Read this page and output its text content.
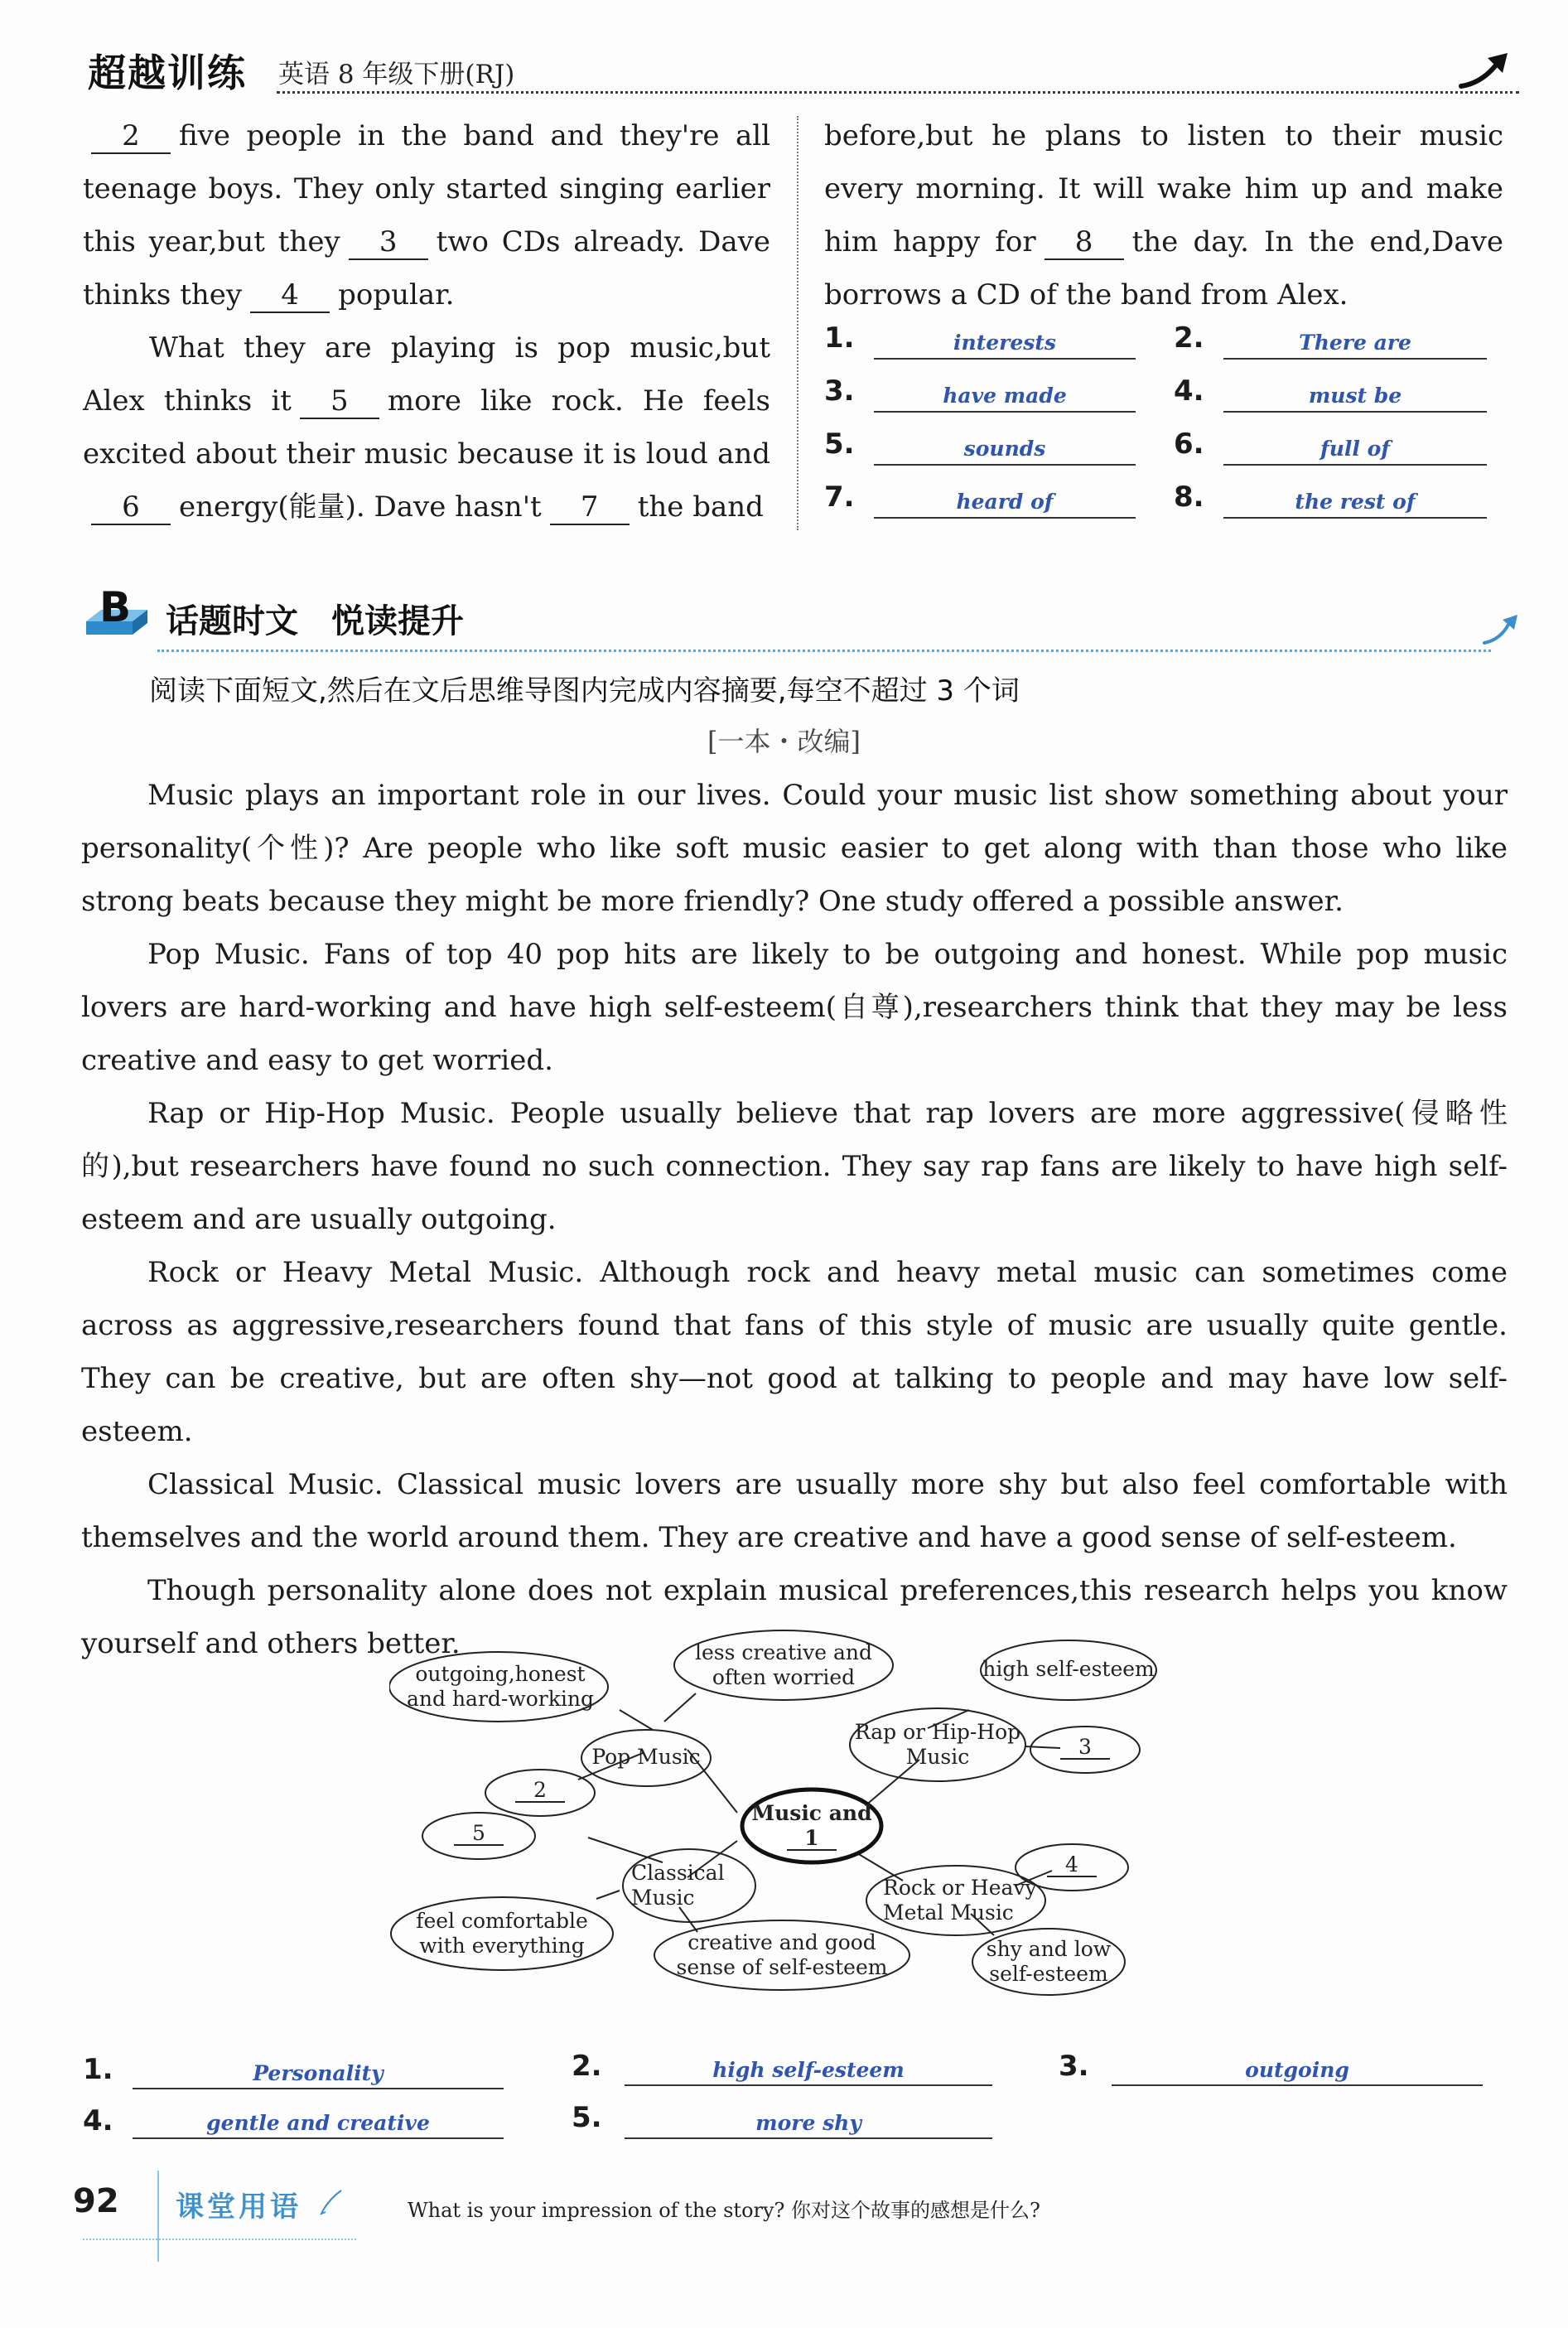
超越训练 英语 8 年级下册(RJ)
2 five people in the band and they're all teenage boys. They only started singing earlier this year,but they 3 two CDs already. Dave thinks they 4 popular.
What they are playing is pop music,but Alex thinks it 5 more like rock. He feels excited about their music because it is loud and6 energy(能量). Dave hasn't 7 the band
before,but he plans to listen to their music every morning. It will wake him up and make him happy for 8 the day. In the end,Dave borrows a CD of the band from Alex.
1.	interests	2.	There are
3.	have made	4.	must be
5.	sounds	6.	full of
7.	heard of	8.	the rest of
B 话题时文　悦读提升
阅读下面短文,然后在文后思维导图内完成内容摘要,每空不超过 3 个词
[一本・改编]

Music plays an important role in our lives. Could your music list show something about your personality(个性)? Are people who like soft music easier to get along with than those who like strong beats because they might be more friendly? One study offered a possible answer.

Pop Music. Fans of top 40 pop hits are likely to be outgoing and honest. While pop music lovers are hard-working and have high self-esteem(自尊),researchers think that they may be less creative and easy to get worried.

Rap or Hip-Hop Music. People usually believe that rap lovers are more aggressive(侵略性的),but researchers have found no such connection. They say rap fans are likely to have high self-esteem and are usually outgoing.

Rock or Heavy Metal Music. Although rock and heavy metal music can sometimes come across as aggressive,researchers found that fans of this style of music are usually quite gentle. They can be creative, but are often shy—not good at talking to people and may have low self-esteem.

Classical Music. Classical music lovers are usually more shy but also feel comfortable with themselves and the world around them. They are creative and have a good sense of self-esteem.

Though personality alone does not explain musical preferences,this research helps you know yourself and others better.

outgoing,honest
and hard-working
less creative and
often worried	high self-esteem
Pop Music
Rap or Hip-Hop
Music
2
3
Music and
1
5
4
Classical
Music	Rock or Heavy
Metal Music
feel comfortable
with everything	creative and good
sense of self-esteem
shy and low
self-esteem
1.	Personality	2.	high self-esteem	3.	outgoing
4.	gentle and creative	5.	more shy
92 课堂用语	What is your impression of the story? 你对这个故事的感想是什么?
